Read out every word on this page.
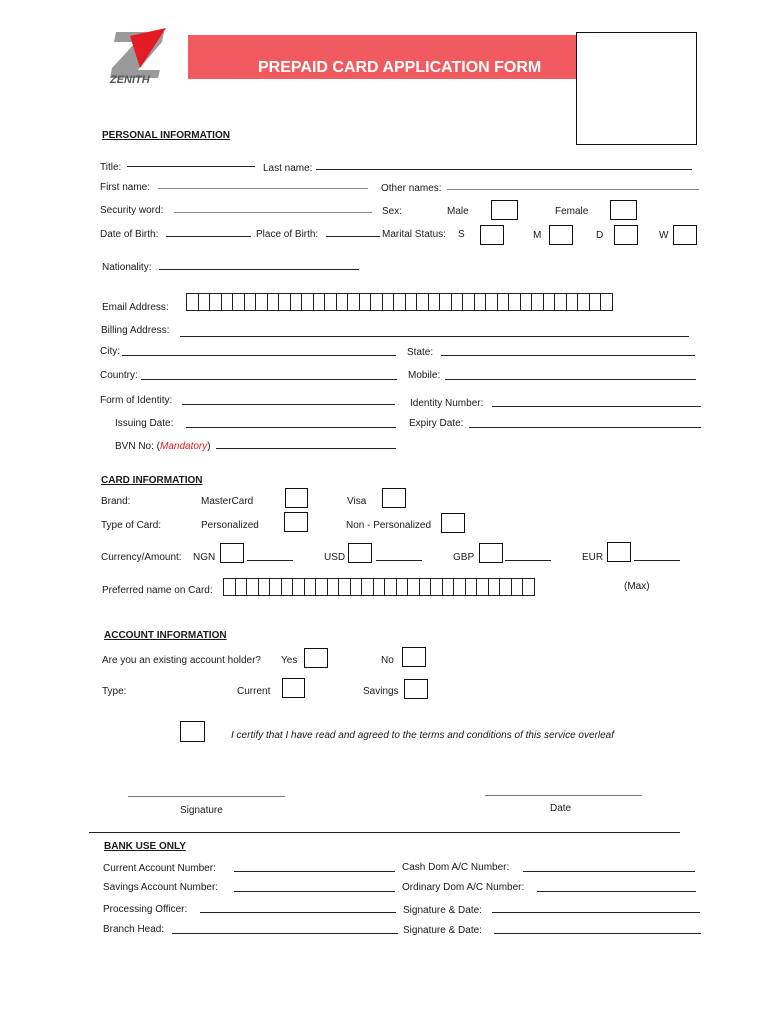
ZENITH
PREPAID CARD APPLICATION FORM
PERSONAL INFORMATION
Title:	Last name:
First name:	Other names:
Security word:	Sex:	Male	Female
Date of Birth:	Place of Birth:	Marital Status: S	M	D	W
Nationality:
Email Address:
Billing Address:
City:	State:
Country:	Mobile:
Form of Identity:	Identity Number:
Issuing Date:	Expiry Date:
BVN No: (Mandatory)
CARD INFORMATION
Brand:	MasterCard	Visa
Type of Card:	Personalized	Non - Personalized
Currency/Amount: NGN	USD	GBP	EUR
Preferred name on Card:	(Max)
ACCOUNT INFORMATION
Are you an existing account holder? Yes	No
Type:	Current	Savings
I certify that I have read and agreed to the terms and conditions of this service overleaf
Signature	Date
BANK USE ONLY
Current Account Number:	Cash Dom A/C Number:
Savings Account Number:	Ordinary Dom A/C Number:
Processing Officer:	Signature & Date:
Branch Head:	Signature & Date:
